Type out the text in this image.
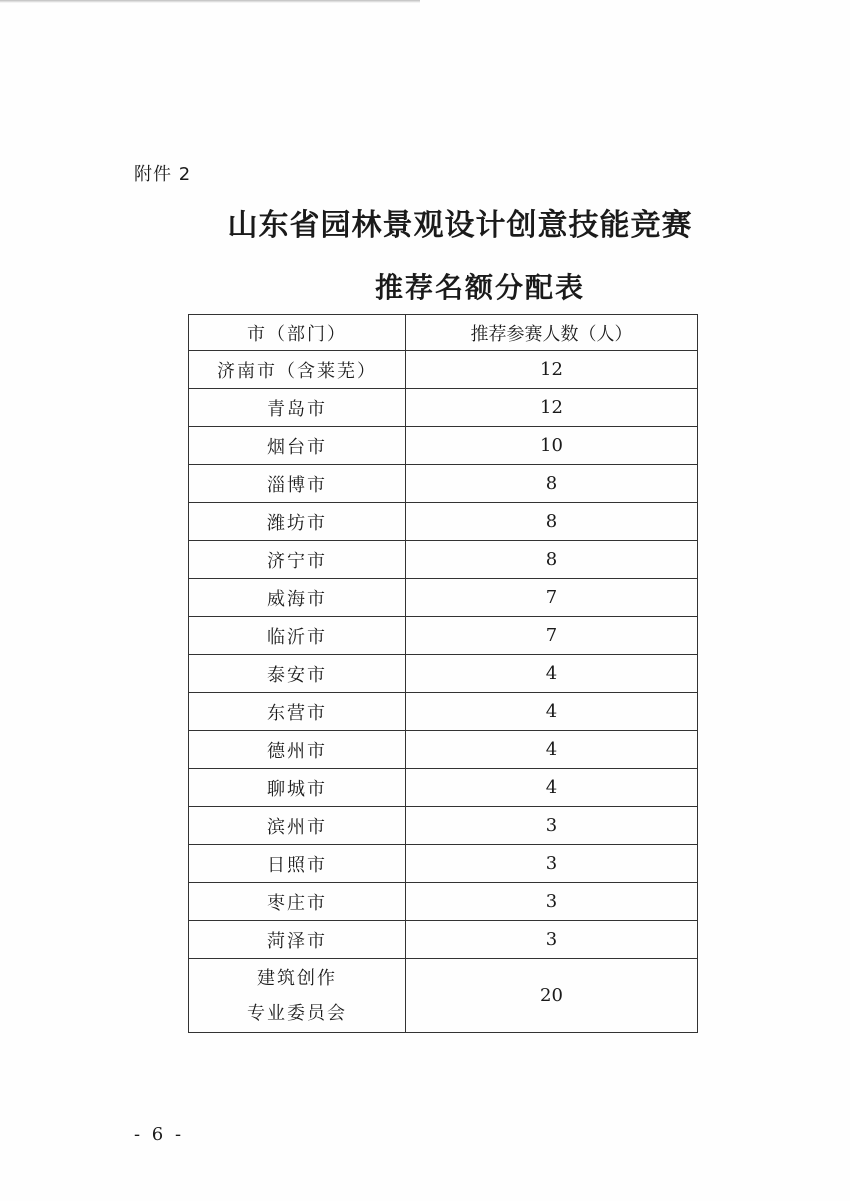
附件 2
山东省园林景观设计创意技能竞赛
推荐名额分配表
市（部门）	推荐参赛人数（人）
济南市（含莱芜）	12
青岛市	12
烟台市	10
淄博市	8
潍坊市	8
济宁市	8
威海市	7
临沂市	7
泰安市	4
东营市	4
德州市	4
聊城市	4
滨州市	3
日照市	3
枣庄市	3
菏泽市	3

建筑创作
专业委员会	20
- 6 -
